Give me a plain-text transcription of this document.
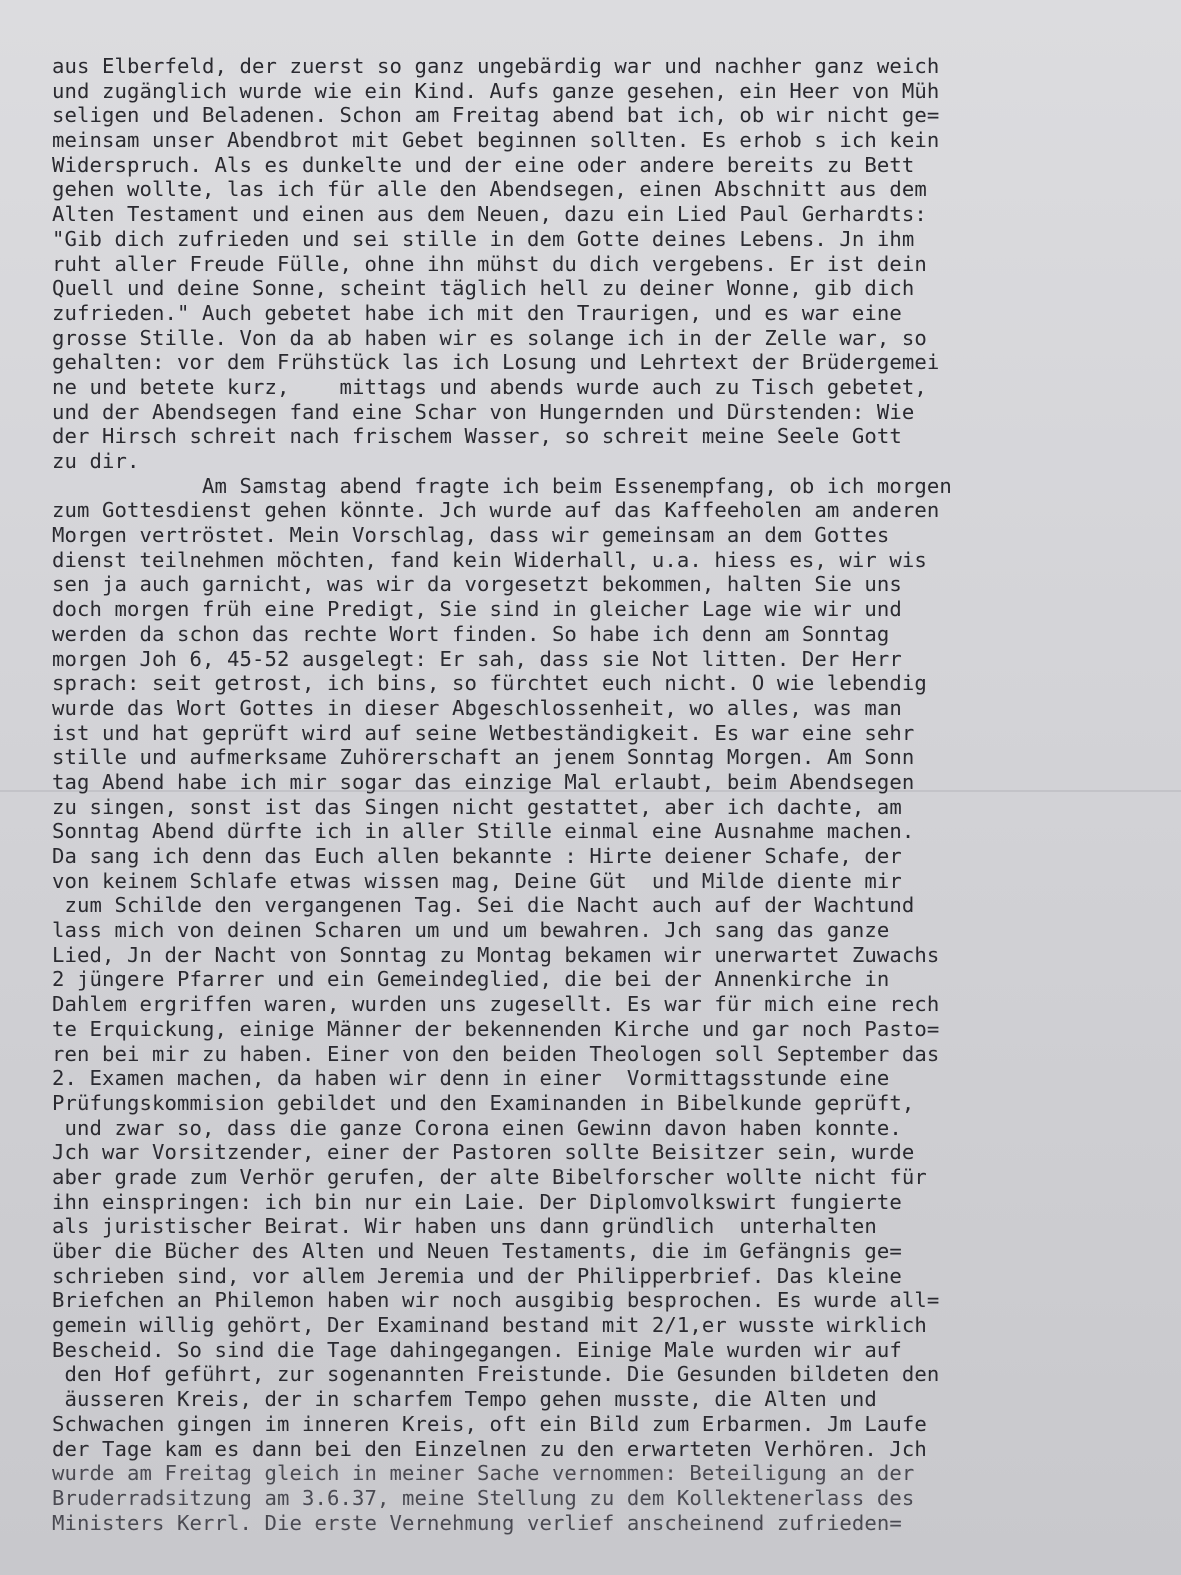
aus Elberfeld, der zuerst so ganz ungebärdig war und nachher ganz weich
und zugänglich wurde wie ein Kind. Aufs ganze gesehen, ein Heer von Müh
seligen und Beladenen. Schon am Freitag abend bat ich, ob wir nicht ge=
meinsam unser Abendbrot mit Gebet beginnen sollten. Es erhob s ich kein
Widerspruch. Als es dunkelte und der eine oder andere bereits zu Bett
gehen wollte, las ich für alle den Abendsegen, einen Abschnitt aus dem
Alten Testament und einen aus dem Neuen, dazu ein Lied Paul Gerhardts:
"Gib dich zufrieden und sei stille in dem Gotte deines Lebens. Jn ihm
ruht aller Freude Fülle, ohne ihn mühst du dich vergebens. Er ist dein
Quell und deine Sonne, scheint täglich hell zu deiner Wonne, gib dich
zufrieden." Auch gebetet habe ich mit den Traurigen, und es war eine
grosse Stille. Von da ab haben wir es solange ich in der Zelle war, so
gehalten: vor dem Frühstück las ich Losung und Lehrtext der Brüdergemei
ne und betete kurz,    mittags und abends wurde auch zu Tisch gebetet,
und der Abendsegen fand eine Schar von Hungernden und Dürstenden: Wie
der Hirsch schreit nach frischem Wasser, so schreit meine Seele Gott
zu dir.
Am Samstag abend fragte ich beim Essenempfang, ob ich morgen
zum Gottesdienst gehen könnte. Jch wurde auf das Kaffeeholen am anderen
Morgen vertröstet. Mein Vorschlag, dass wir gemeinsam an dem Gottes
dienst teilnehmen möchten, fand kein Widerhall, u.a. hiess es, wir wis
sen ja auch garnicht, was wir da vorgesetzt bekommen, halten Sie uns
doch morgen früh eine Predigt, Sie sind in gleicher Lage wie wir und
werden da schon das rechte Wort finden. So habe ich denn am Sonntag
morgen Joh 6, 45-52 ausgelegt: Er sah, dass sie Not litten. Der Herr
sprach: seit getrost, ich bins, so fürchtet euch nicht. O wie lebendig
wurde das Wort Gottes in dieser Abgeschlossenheit, wo alles, was man
ist und hat geprüft wird auf seine Wetbeständigkeit. Es war eine sehr
stille und aufmerksame Zuhörerschaft an jenem Sonntag Morgen. Am Sonn
tag Abend habe ich mir sogar das einzige Mal erlaubt, beim Abendsegen
zu singen, sonst ist das Singen nicht gestattet, aber ich dachte, am
Sonntag Abend dürfte ich in aller Stille einmal eine Ausnahme machen.
Da sang ich denn das Euch allen bekannte : Hirte deiener Schafe, der
von keinem Schlafe etwas wissen mag, Deine Güt  und Milde diente mir
zum Schilde den vergangenen Tag. Sei die Nacht auch auf der Wachtund
lass mich von deinen Scharen um und um bewahren. Jch sang das ganze
Lied, Jn der Nacht von Sonntag zu Montag bekamen wir unerwartet Zuwachs
2 jüngere Pfarrer und ein Gemeindeglied, die bei der Annenkirche in
Dahlem ergriffen waren, wurden uns zugesellt. Es war für mich eine rech
te Erquickung, einige Männer der bekennenden Kirche und gar noch Pasto=
ren bei mir zu haben. Einer von den beiden Theologen soll September das
2. Examen machen, da haben wir denn in einer  Vormittagsstunde eine
Prüfungskommision gebildet und den Examinanden in Bibelkunde geprüft,
und zwar so, dass die ganze Corona einen Gewinn davon haben konnte.
Jch war Vorsitzender, einer der Pastoren sollte Beisitzer sein, wurde
aber grade zum Verhör gerufen, der alte Bibelforscher wollte nicht für
ihn einspringen: ich bin nur ein Laie. Der Diplomvolkswirt fungierte
als juristischer Beirat. Wir haben uns dann gründlich  unterhalten
über die Bücher des Alten und Neuen Testaments, die im Gefängnis ge=
schrieben sind, vor allem Jeremia und der Philipperbrief. Das kleine
Briefchen an Philemon haben wir noch ausgibig besprochen. Es wurde all=
gemein willig gehört, Der Examinand bestand mit 2/1,er wusste wirklich
Bescheid. So sind die Tage dahingegangen. Einige Male wurden wir auf
den Hof geführt, zur sogenannten Freistunde. Die Gesunden bildeten den
äusseren Kreis, der in scharfem Tempo gehen musste, die Alten und
Schwachen gingen im inneren Kreis, oft ein Bild zum Erbarmen. Jm Laufe
der Tage kam es dann bei den Einzelnen zu den erwarteten Verhören. Jch
wurde am Freitag gleich in meiner Sache vernommen: Beteiligung an der
Bruderradsitzung am 3.6.37, meine Stellung zu dem Kollektenerlass des
Ministers Kerrl. Die erste Vernehmung verlief anscheinend zufrieden=
